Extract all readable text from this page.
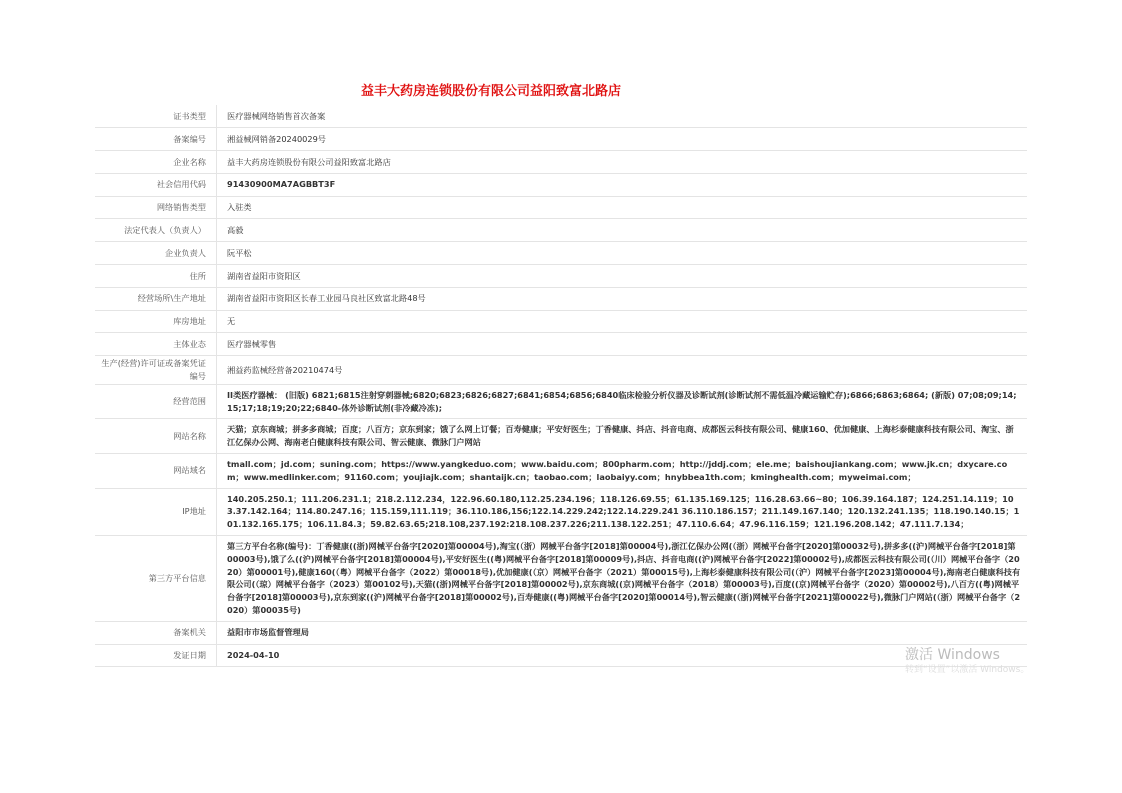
益丰大药房连锁股份有限公司益阳致富北路店
证书类型	医疗器械网络销售首次备案
备案编号	湘益械网销备20240029号
企业名称	益丰大药房连锁股份有限公司益阳致富北路店
社会信用代码	91430900MA7AGBBT3F
网络销售类型	入驻类
法定代表人（负责人）	高毅
企业负责人	阮平松
住所	湖南省益阳市资阳区
经营场所\生产地址	湖南省益阳市资阳区长春工业园马良社区致富北路48号
库房地址	无
主体业态	医疗器械零售
生产(经营)许可证或备案凭证编号	湘益药监械经营备20210474号
经营范围	II类医疗器械： (旧版) 6821;6815注射穿刺器械;6820;6823;6826;6827;6841;6854;6856;6840临床检验分析仪器及诊断试剂(诊断试剂不需低温冷藏运输贮存);6866;6863;6864; (新版) 07;08;09;14;15;17;18;19;20;22;6840-体外诊断试剂(非冷藏冷冻);
网站名称	天猫；京东商城；拼多多商城；百度；八百方；京东到家；饿了么网上订餐；百寿健康；平安好医生；丁香健康、抖店、抖音电商、成都医云科技有限公司、健康160、优加健康、上海杉泰健康科技有限公司、淘宝、浙江亿保办公网、海南老白健康科技有限公司、智云健康、微脉门户网站
网站域名	tmall.com；jd.com；suning.com；https://www.yangkeduo.com；www.baidu.com；800pharm.com；http://jddj.com；ele.me；baishoujiankang.com；www.jk.cn；dxycare.com；www.medlinker.com；91160.com；youjiajk.com；shantaijk.cn；taobao.com；laobaiyy.com；hnybbea1th.com；kminghealth.com；myweimai.com；
IP地址	140.205.250.1；111.206.231.1；218.2.112.234，122.96.60.180,112.25.234.196；118.126.69.55；61.135.169.125；116.28.63.66~80；106.39.164.187；124.251.14.119；103.37.142.164；114.80.247.16；115.159,111.119；36.110.186,156;122.14.229.242;122.14.229.241 36.110.186.157；211.149.167.140；120.132.241.135；118.190.140.15；101.132.165.175；106.11.84.3；59.82.63.65;218.108,237.192:218.108.237.226;211.138.122.251；47.110.6.64；47.96.116.159；121.196.208.142；47.111.7.134；
第三方平台信息	第三方平台名称(编号)：丁香健康((浙)网械平台备字[2020]第00004号),淘宝(（浙）网械平台备字[2018]第00004号),浙江亿保办公网(（浙）网械平台备字[2020]第00032号),拼多多((沪)网械平台备字[2018]第00003号),饿了么((沪)网械平台备字[2018]第00004号),平安好医生((粤)网械平台备字[2018]第00009号),抖店、抖音电商((沪)网械平台备字[2022]第00002号),成都医云科技有限公司(（川）网械平台备字（2020）第00001号),健康160(（粤）网械平台备字（2022）第00018号),优加健康(（京）网械平台备字（2021）第00015号),上海杉泰健康科技有限公司(（沪）网械平台备字[2023]第00004号),海南老白健康科技有限公司(（琼）网械平台备字（2023）第00102号),天猫((浙)网械平台备字[2018]第00002号),京东商城((京)网械平台备字（2018）第00003号),百度((京)网械平台备字（2020）第00002号),八百方((粤)网械平台备字[2018]第00003号),京东到家((沪)网械平台备字[2018]第00002号),百寿健康((粤)网械平台备字[2020]第00014号),智云健康(（浙)网械平台备字[2021]第00022号),微脉门户网站(（浙）网械平台备字（2020）第00035号)
备案机关	益阳市市场监督管理局
发证日期	2024-04-10	激活 Windows
转到“设置”以激活 Windows。
